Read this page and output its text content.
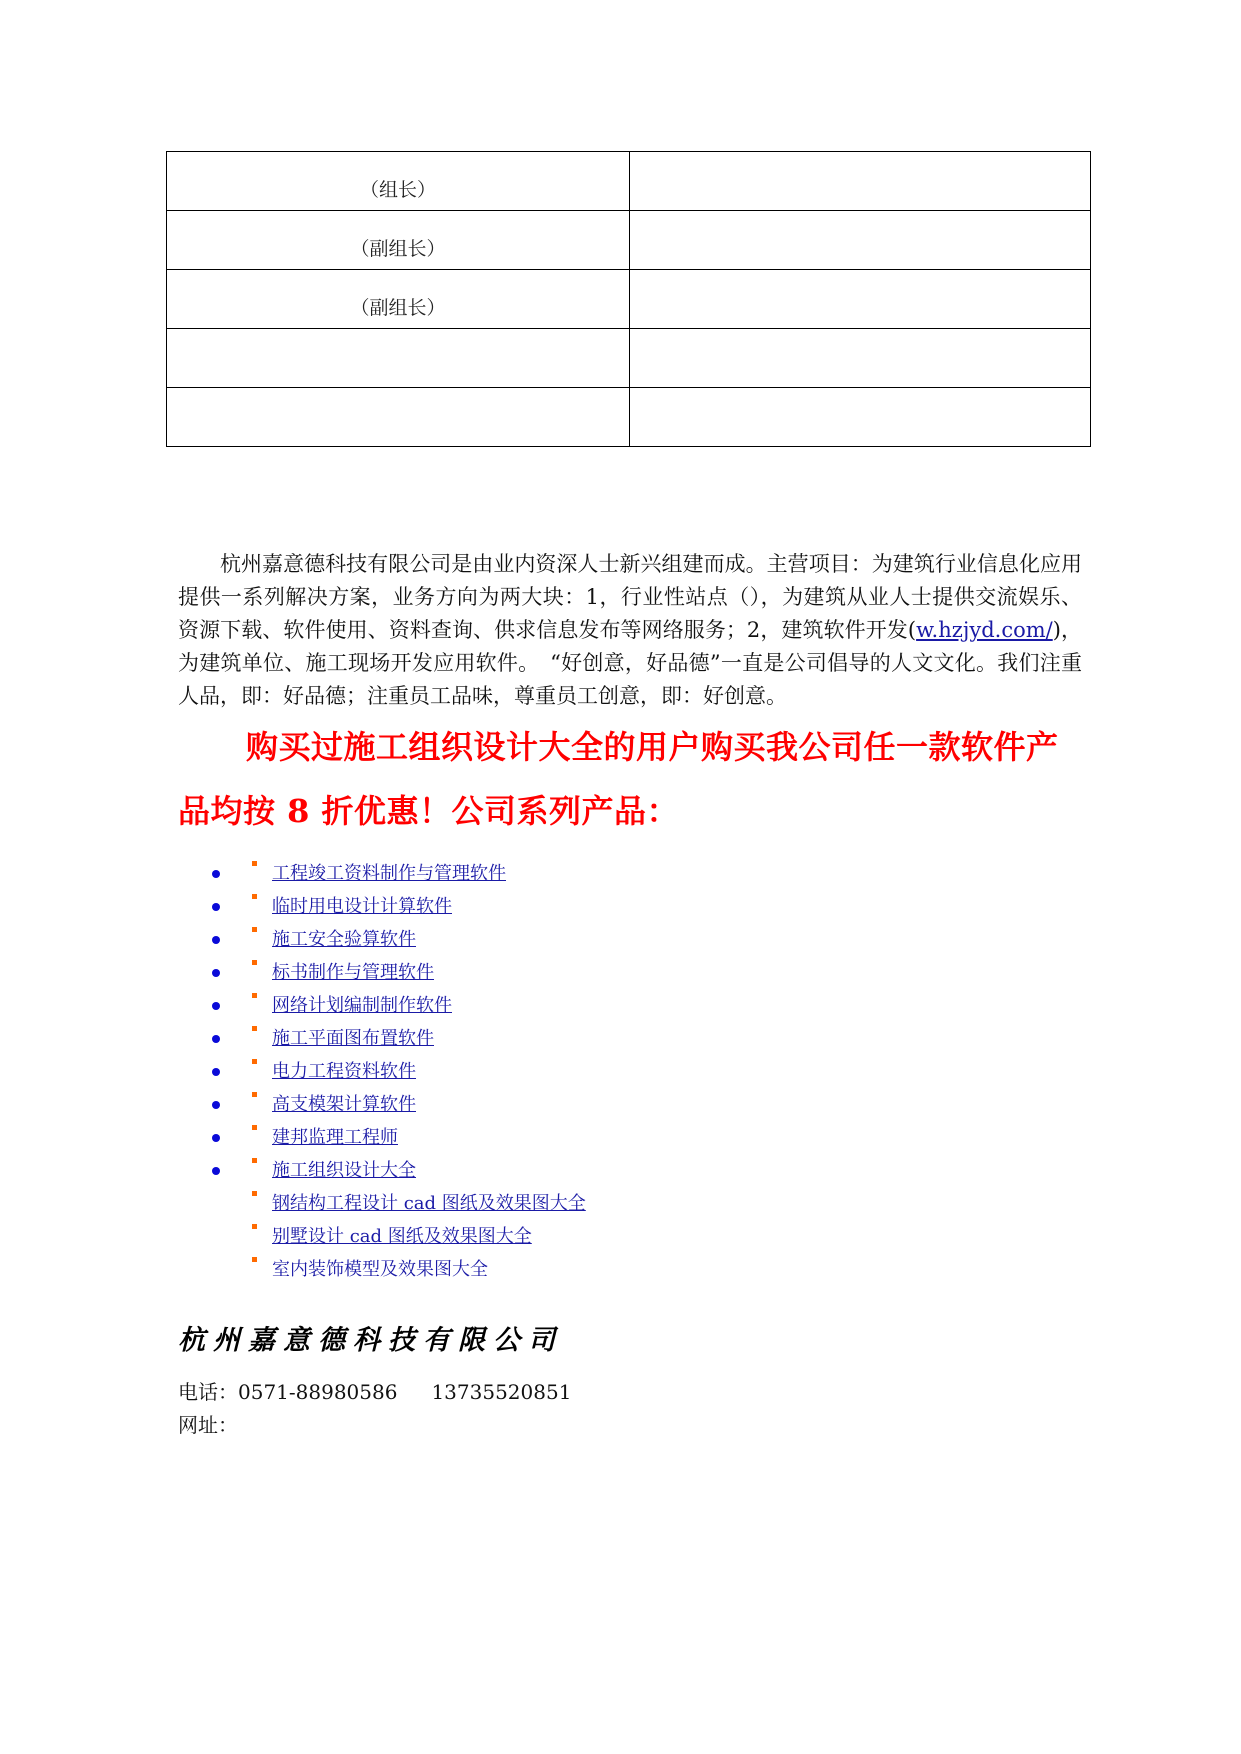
（组长）	
（副组长）	
（副组长）	

杭州嘉意德科技有限公司是由业内资深人士新兴组建而成。主营项目：为建筑行业信息化应用提供一系列解决方案，业务方向为两大块：1，行业性站点（），为建筑从业人士提供交流娱乐、资源下载、软件使用、资料查询、供求信息发布等网络服务；2，建筑软件开发(w.hzjyd.com/)，为建筑单位、施工现场开发应用软件。　“好创意，好品德”一直是公司倡导的人文文化。我们注重人品，即：好品德；注重员工品味，尊重员工创意，即：好创意。

购买过施工组织设计大全的用户购买我公司任一款软件产品均按 8 折优惠！公司系列产品：

工程竣工资料制作与管理软件
临时用电设计计算软件
施工安全验算软件
标书制作与管理软件
网络计划编制制作软件
施工平面图布置软件
电力工程资料软件
高支模架计算软件
建邦监理工程师
施工组织设计大全
钢结构工程设计 cad 图纸及效果图大全
别墅设计 cad 图纸及效果图大全
室内装饰模型及效果图大全

杭州嘉意德科技有限公司

电话：0571-88980586 13735520851
网址：
